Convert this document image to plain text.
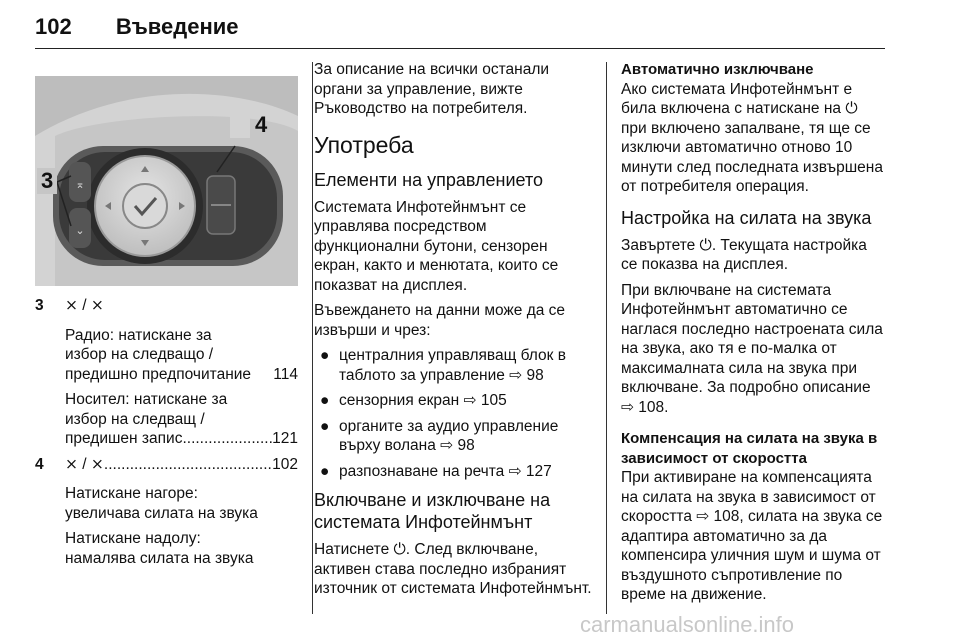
102 Въведение
⌅
⌄
4
3
3 ⨯ / ⨯
Радио: натискане за
избор на следващо /
предишно предпочитание 114
Носител: натискане за
избор на следващ /
предишен запис .....	121
4 ⨯ / ⨯ .....	102
Натискане нагоре:
увеличава силата на звука
Натискане надолу:
намалява силата на звука

За описание на всички останали органи за управление, вижте Ръководство на потребителя.

Употреба
Елементи на управлението

Системата Инфотейнмънт се управлява посредством функционални бутони, сензорен екран, както и менютата, които се показват на дисплея.

Въвеждането на данни може да се извърши и чрез:

● централния управляващ блок в таблото за управление ⇨ 98
● сензорния екран ⇨ 105
● органите за аудио управление върху волана ⇨ 98
● разпознаване на речта ⇨ 127
Включване и изключване на системата Инфотейнмънт

Натиснете ⏻. След включване, активен става последно избраният източник от системата Инфотейнмънт.

Автоматично изключване

Ако системата Инфотейнмънт е била включена с натискане на ⏻ при включено запалване, тя ще се изключи автоматично отново 10 минути след последната извършена от потребителя операция.

Настройка на силата на звука

Завъртете ⏻. Текущата настройка се показва на дисплея.

При включване на системата Инфотейнмънт автоматично се наглася последно настроената сила на звука, ако тя е по-малка от максималната сила на звука при включване. За подробно описание ⇨ 108.

Компенсация на силата на звука в зависимост от скоростта

При активиране на компенсацията на силата на звука в зависимост от скоростта ⇨ 108, силата на звука се адаптира автоматично за да компенсира уличния шум и шума от въздушното съпротивление по време на движение.

carmanualsonline.info
